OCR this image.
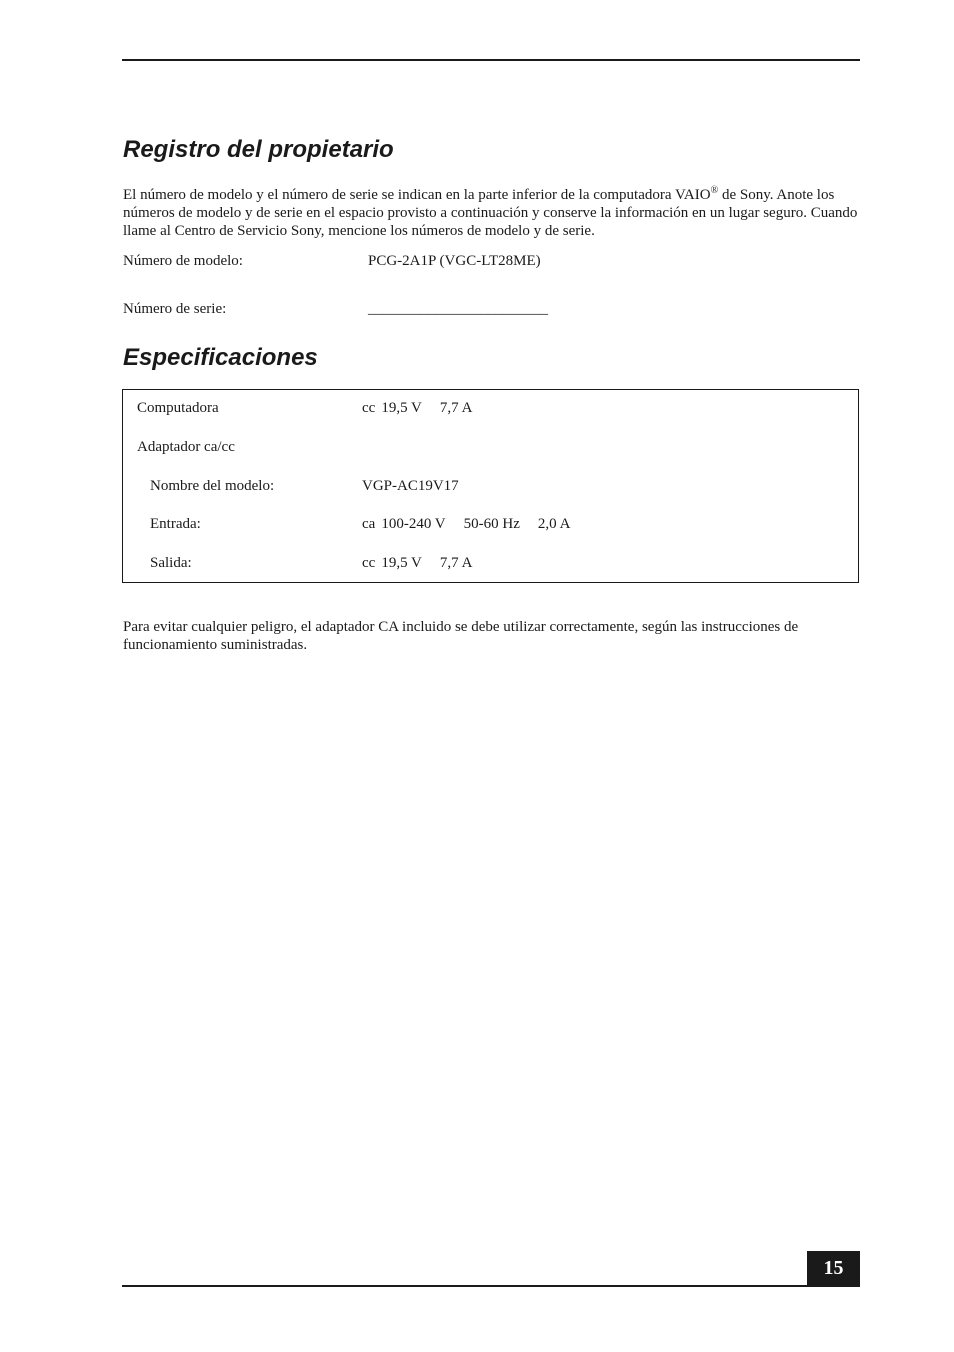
Registro del propietario

El número de modelo y el número de serie se indican en la parte inferior de la computadora VAIO® de Sony. Anote los números de modelo y de serie en el espacio provisto a continuación y conserve la información en un lugar seguro. Cuando llame al Centro de Servicio Sony, mencione los números de modelo y de serie.

Número de modelo:	PCG-2A1P (VGC-LT28ME)
Número de serie:	________________________
Especificaciones
Computadora	cc 19,5 V 7,7 A
Adaptador ca/cc
Nombre del modelo:	VGP-AC19V17
Entrada:	ca 100-240 V 50-60 Hz 2,0 A
Salida:	cc 19,5 V 7,7 A

Para evitar cualquier peligro, el adaptador CA incluido se debe utilizar correctamente, según las instrucciones de funcionamiento suministradas.

15
